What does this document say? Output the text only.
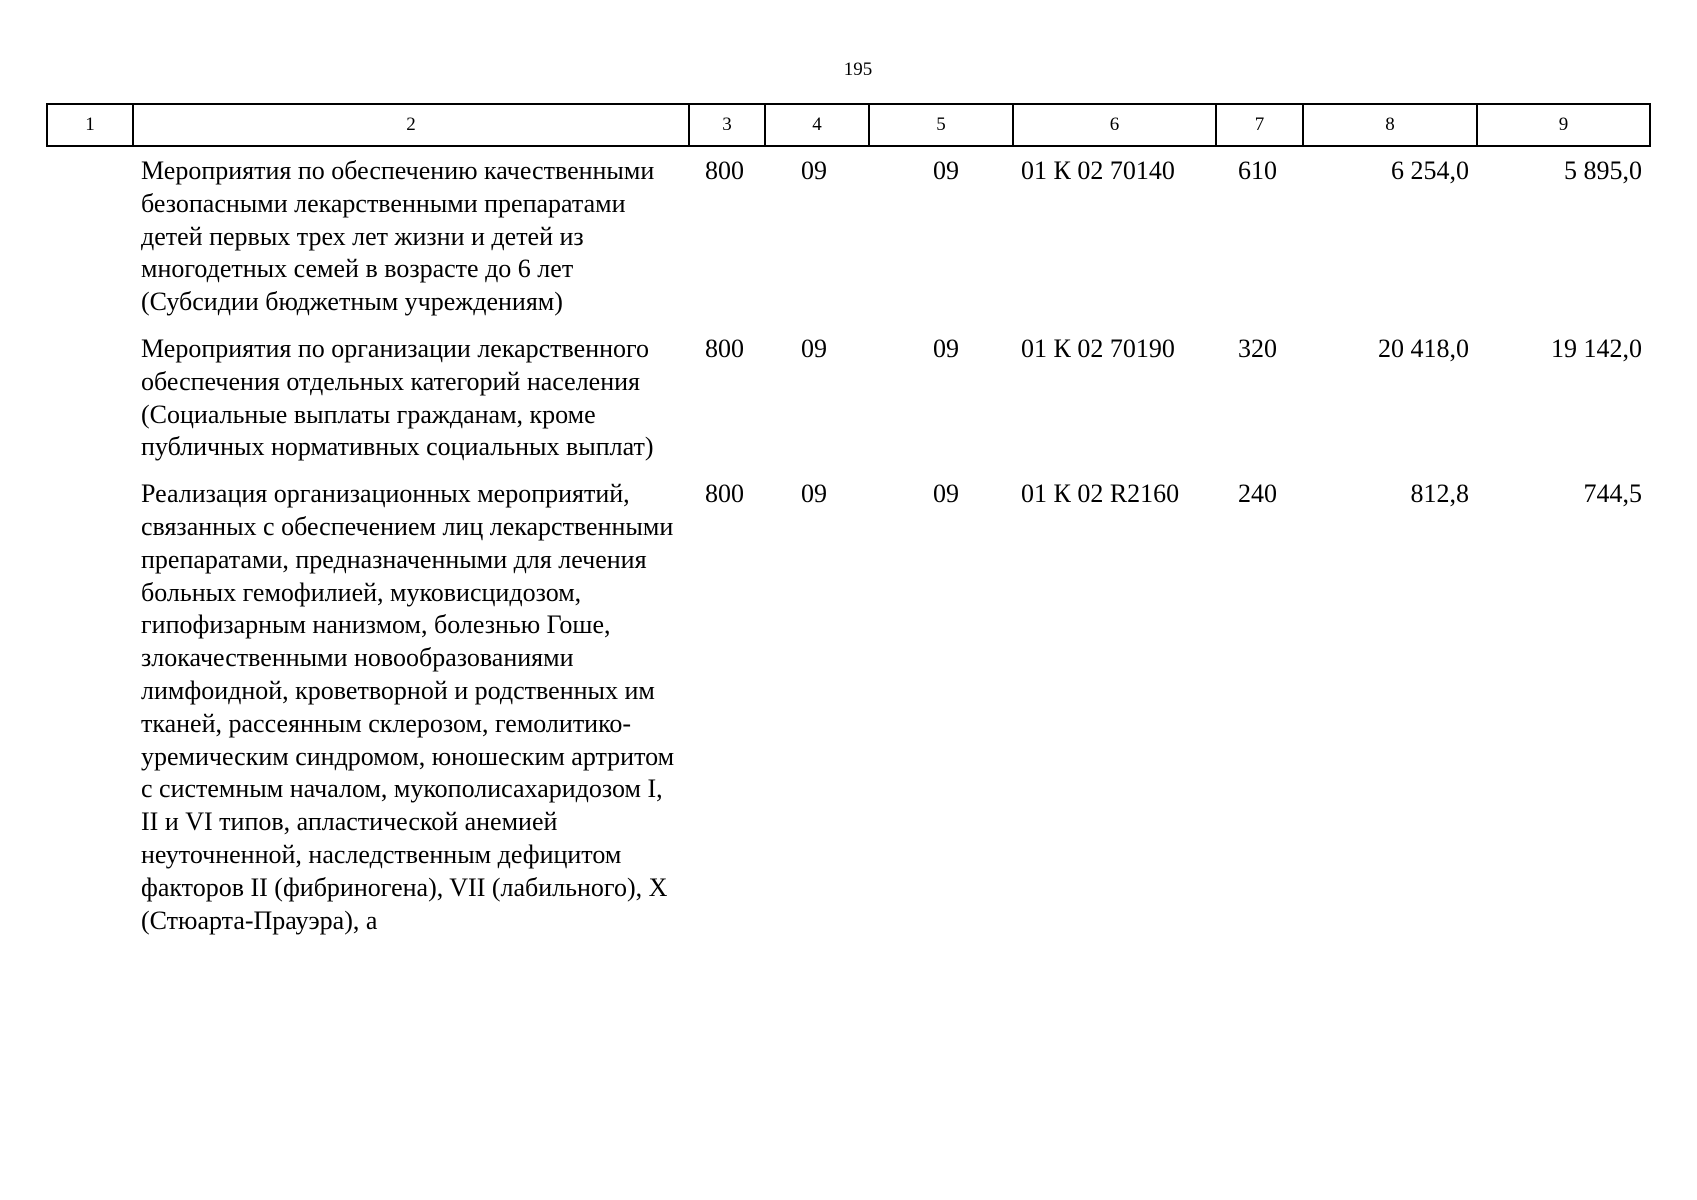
195
1	2	3	4	5	6	7	8	9
	Мероприятия по обеспечению качественными безопасными лекарственными препаратами детей первых трех лет жизни и детей из многодетных семей в возрасте до 6 лет (Субсидии бюджетным учреждениям)	800	09	09	01 К 02 70140	610	6 254,0	5 895,0
	Мероприятия по организации лекарственного обеспечения отдельных категорий населения (Социальные выплаты гражданам, кроме публичных нормативных социальных выплат)	800	09	09	01 К 02 70190	320	20 418,0	19 142,0
	Реализация организационных мероприятий, связанных с обеспечением лиц лекарственными препаратами, предназначенными для лечения больных гемофилией, муковисцидозом, гипофизарным нанизмом, болезнью Гоше, злокачественными новообразованиями лимфоидной, кроветворной и родственных им тканей, рассеянным склерозом, гемолитико-уремическим синдромом, юношеским артритом с системным началом, мукополисахаридозом I, II и VI типов, апластической анемией неуточненной, наследственным дефицитом факторов II (фибриногена), VII (лабильного), X (Стюарта-Прауэра), а	800	09	09	01 К 02 R2160	240	812,8	744,5
